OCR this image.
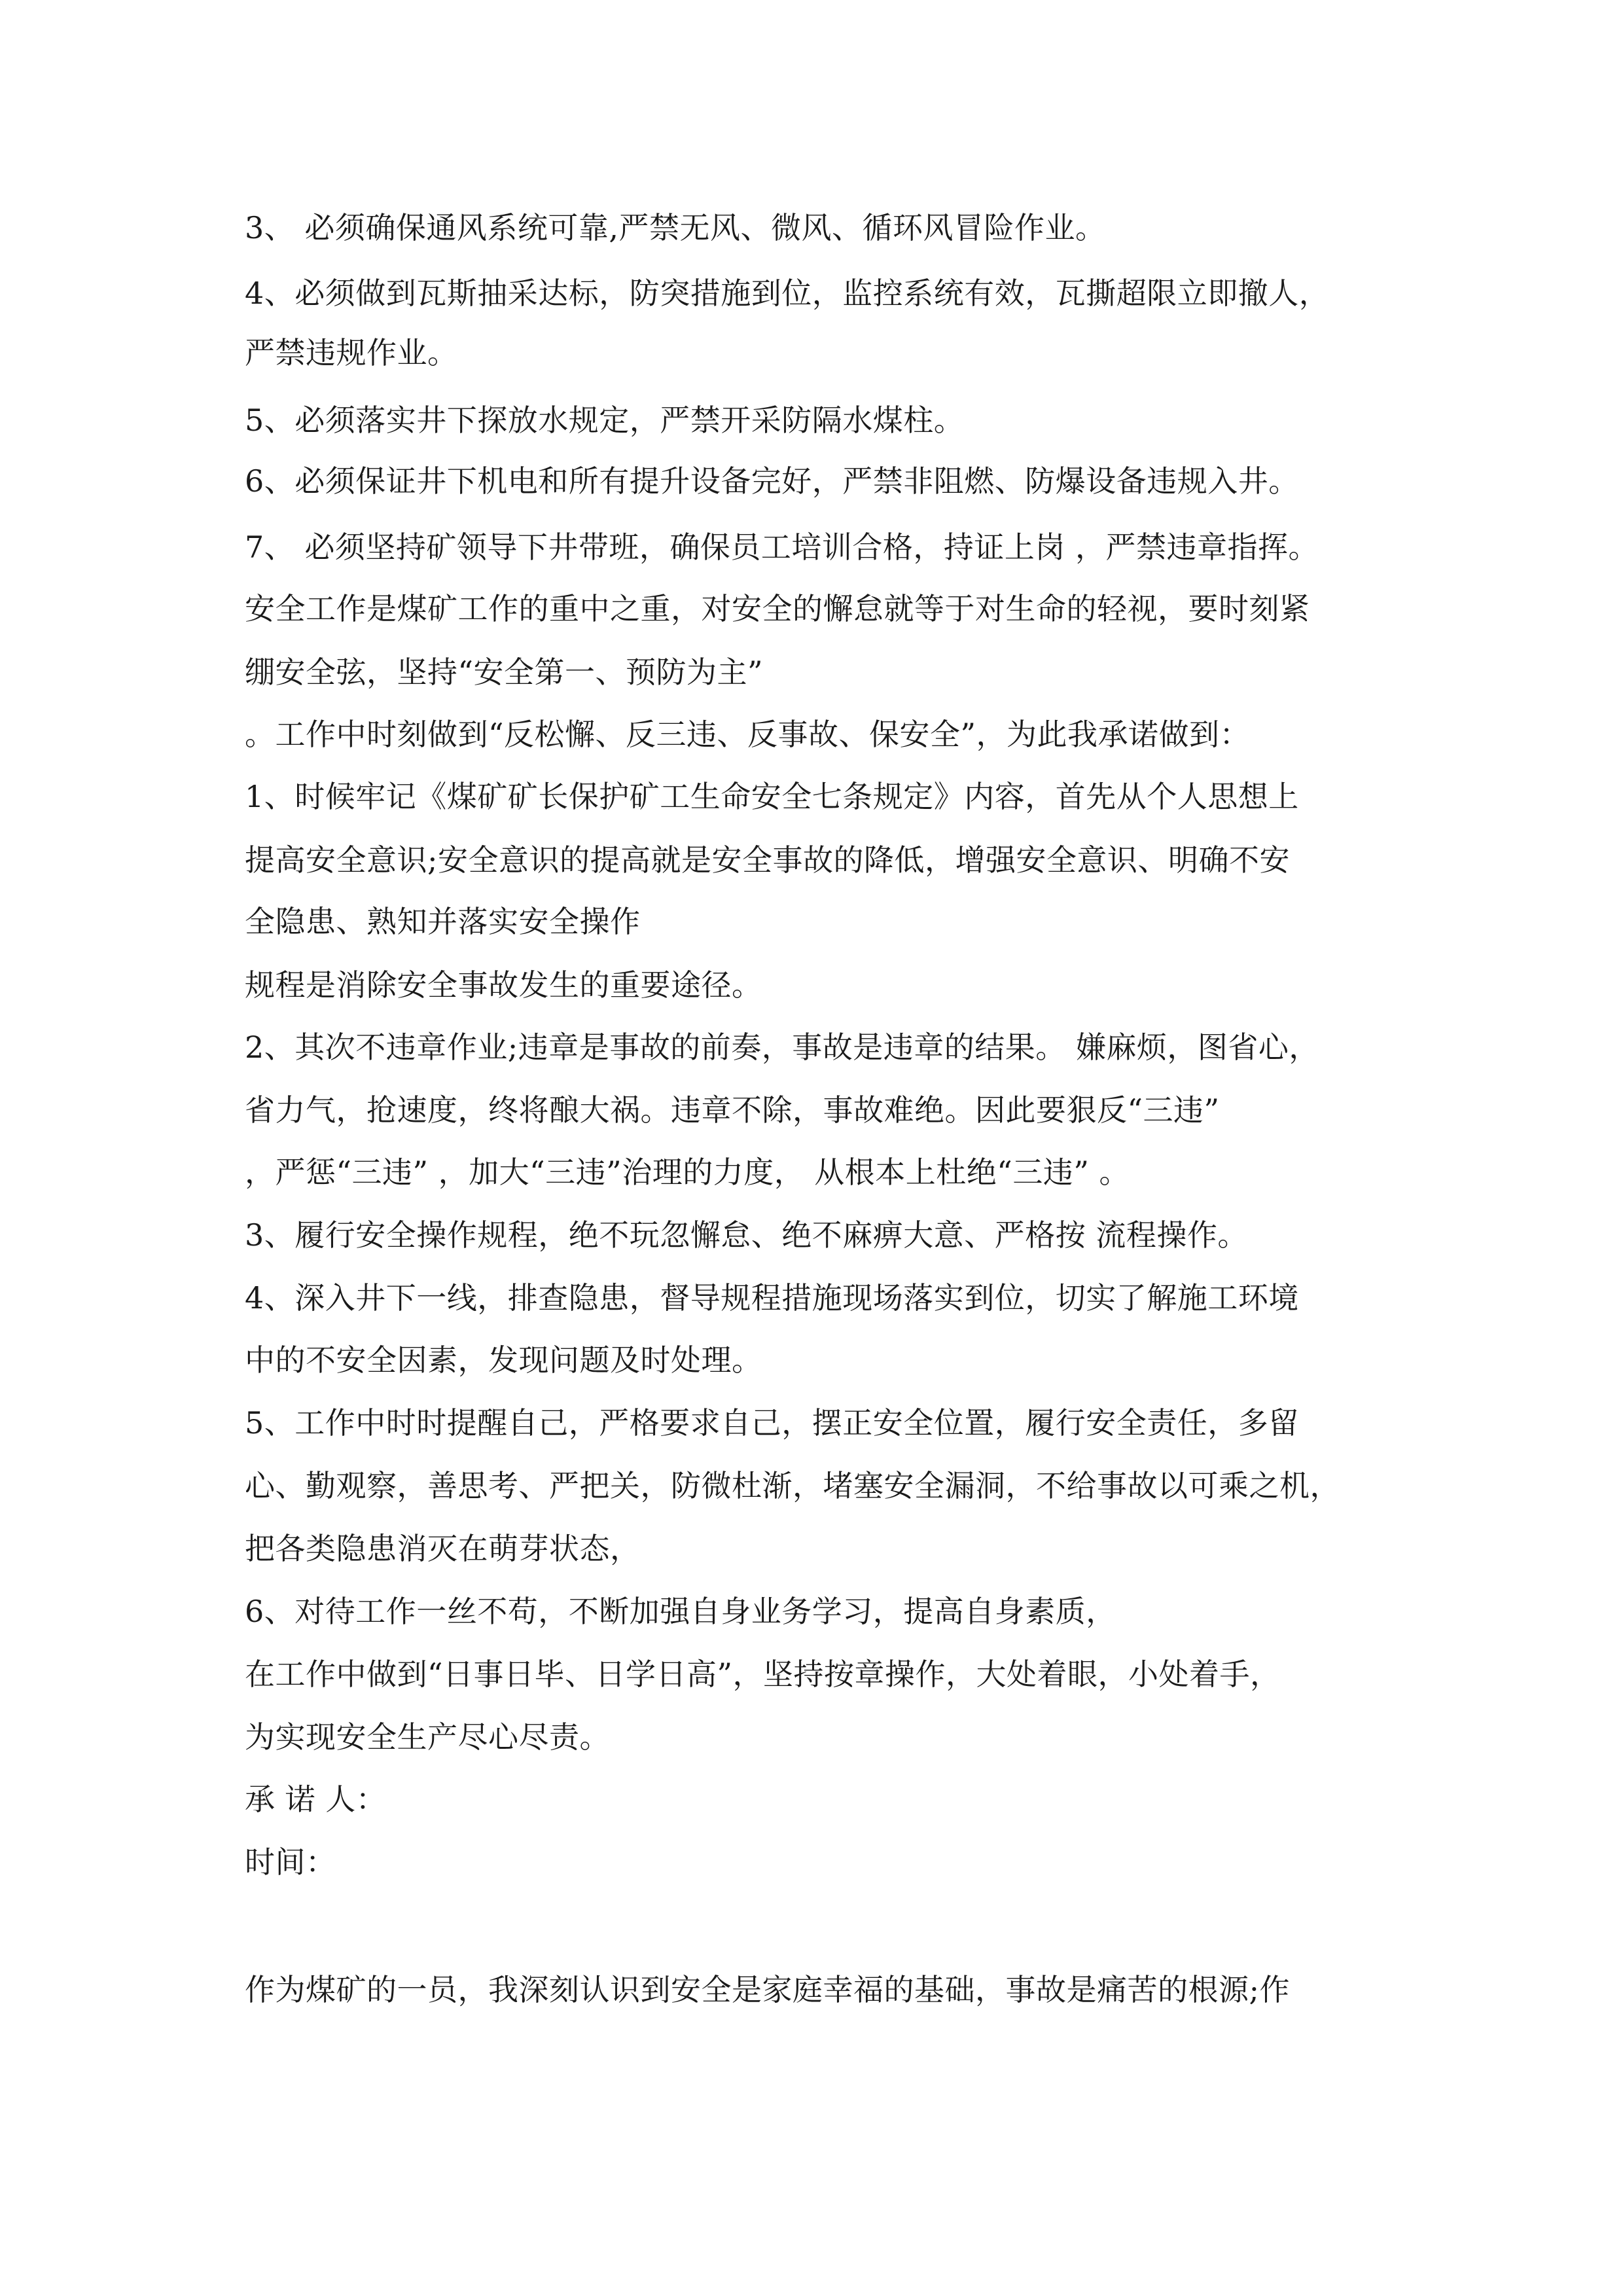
3、 必须确保通风系统可靠,严禁无风、微风、循环风冒险作业。
4、必须做到瓦斯抽采达标，防突措施到位，监控系统有效，瓦撕超限立即撤人，
严禁违规作业。
5、必须落实井下探放水规定，严禁开采防隔水煤柱。
6、必须保证井下机电和所有提升设备完好，严禁非阻燃、防爆设备违规入井。
7、 必须坚持矿领导下井带班，确保员工培训合格，持证上岗 ，严禁违章指挥。
安全工作是煤矿工作的重中之重，对安全的懈怠就等于对生命的轻视，要时刻紧
绷安全弦，坚持“安全第一、预防为主”
。工作中时刻做到“反松懈、反三违、反事故、保安全”，为此我承诺做到：
1、时候牢记《煤矿矿长保护矿工生命安全七条规定》内容，首先从个人思想上
提高安全意识;安全意识的提高就是安全事故的降低，增强安全意识、明确不安
全隐患、熟知并落实安全操作
规程是消除安全事故发生的重要途径。
2、其次不违章作业;违章是事故的前奏，事故是违章的结果。 嫌麻烦，图省心，
省力气，抢速度，终将酿大祸。违章不除，事故难绝。因此要狠反“三违”
，严惩“三违” ，加大“三违”治理的力度， 从根本上杜绝“三违” 。
3、履行安全操作规程，绝不玩忽懈怠、绝不麻痹大意、严格按 流程操作。
4、深入井下一线，排查隐患，督导规程措施现场落实到位，切实了解施工环境
中的不安全因素，发现问题及时处理。
5、工作中时时提醒自己，严格要求自己，摆正安全位置，履行安全责任，多留
心、勤观察，善思考、严把关，防微杜渐，堵塞安全漏洞，不给事故以可乘之机，
把各类隐患消灭在萌芽状态，
6、对待工作一丝不苟，不断加强自身业务学习，提高自身素质，
在工作中做到“日事日毕、日学日高”，坚持按章操作，大处着眼，小处着手，
为实现安全生产尽心尽责。
承 诺 人：
时间：
作为煤矿的一员，我深刻认识到安全是家庭幸福的基础，事故是痛苦的根源;作
